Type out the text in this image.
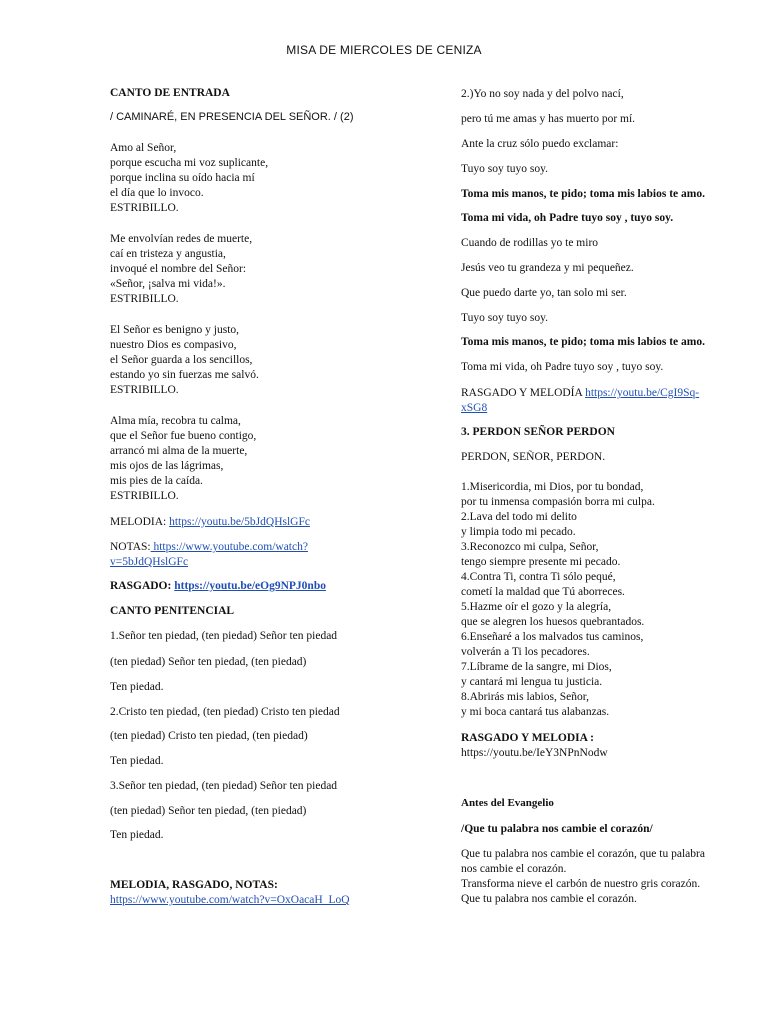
MISA DE MIERCOLES DE CENIZA
CANTO DE ENTRADA
/ CAMINARÉ, EN PRESENCIA DEL SEÑOR. / (2)
Amo al Señor,
porque escucha mi voz suplicante,
porque inclina su oído hacia mí
el día que lo invoco.
ESTRIBILLO.
Me envolvían redes de muerte,
caí en tristeza y angustia,
invoqué el nombre del Señor:
«Señor, ¡salva mi vida!».
ESTRIBILLO.
El Señor es benigno y justo,
nuestro Dios es compasivo,
el Señor guarda a los sencillos,
estando yo sin fuerzas me salvó.
ESTRIBILLO.
Alma mía, recobra tu calma,
que el Señor fue bueno contigo,
arrancó mi alma de la muerte,
mis ojos de las lágrimas,
mis pies de la caída.
ESTRIBILLO.
MELODIA: https://youtu.be/5bJdQHslGFc
NOTAS: https://www.youtube.com/watch?
v=5bJdQHslGFc
RASGADO: https://youtu.be/eOg9NPJ0nbo
CANTO PENITENCIAL
1.Señor ten piedad, (ten piedad) Señor ten piedad
(ten piedad) Señor ten piedad, (ten piedad)
Ten piedad.
2.Cristo ten piedad, (ten piedad) Cristo ten piedad
(ten piedad) Cristo ten piedad, (ten piedad)
Ten piedad.
3.Señor ten piedad, (ten piedad) Señor ten piedad
(ten piedad) Señor ten piedad, (ten piedad)
Ten piedad.
MELODIA, RASGADO, NOTAS:
https://www.youtube.com/watch?v=OxOacaH_LoQ
2.)Yo no soy nada y del polvo nací,
pero tú me amas y has muerto por mí.
Ante la cruz sólo puedo exclamar:
Tuyo soy tuyo soy.
Toma mis manos, te pido; toma mis labios te amo.
Toma mi vida, oh Padre tuyo soy , tuyo soy.
Cuando de rodillas yo te miro
Jesús veo tu grandeza y mi pequeñez.
Que puedo darte yo, tan solo mi ser.
Tuyo soy tuyo soy.
Toma mis manos, te pido; toma mis labios te amo.
Toma mi vida, oh Padre tuyo soy , tuyo soy.
RASGADO Y MELODÍA https://youtu.be/CgI9Sq-
xSG8
3. PERDON SEÑOR PERDON
PERDON, SEÑOR, PERDON.
1.Misericordia, mi Dios, por tu bondad,
por tu inmensa compasión borra mi culpa.
2.Lava del todo mi delito
y limpia todo mi pecado.
3.Reconozco mi culpa, Señor,
tengo siempre presente mi pecado.
4.Contra Ti, contra Ti sólo pequé,
cometí la maldad que Tú aborreces.
5.Hazme oír el gozo y la alegría,
que se alegren los huesos quebrantados.
6.Enseñaré a los malvados tus caminos,
volverán a Ti los pecadores.
7.Líbrame de la sangre, mi Dios,
y cantará mi lengua tu justicia.
8.Abrirás mis labios, Señor,
y mi boca cantará tus alabanzas.
RASGADO Y MELODIA :
https://youtu.be/IeY3NPnNodw
Antes del Evangelio
/Que tu palabra nos cambie el corazón/
Que tu palabra nos cambie el corazón, que tu palabra
nos cambie el corazón.
Transforma nieve el carbón de nuestro gris corazón.
Que tu palabra nos cambie el corazón.
